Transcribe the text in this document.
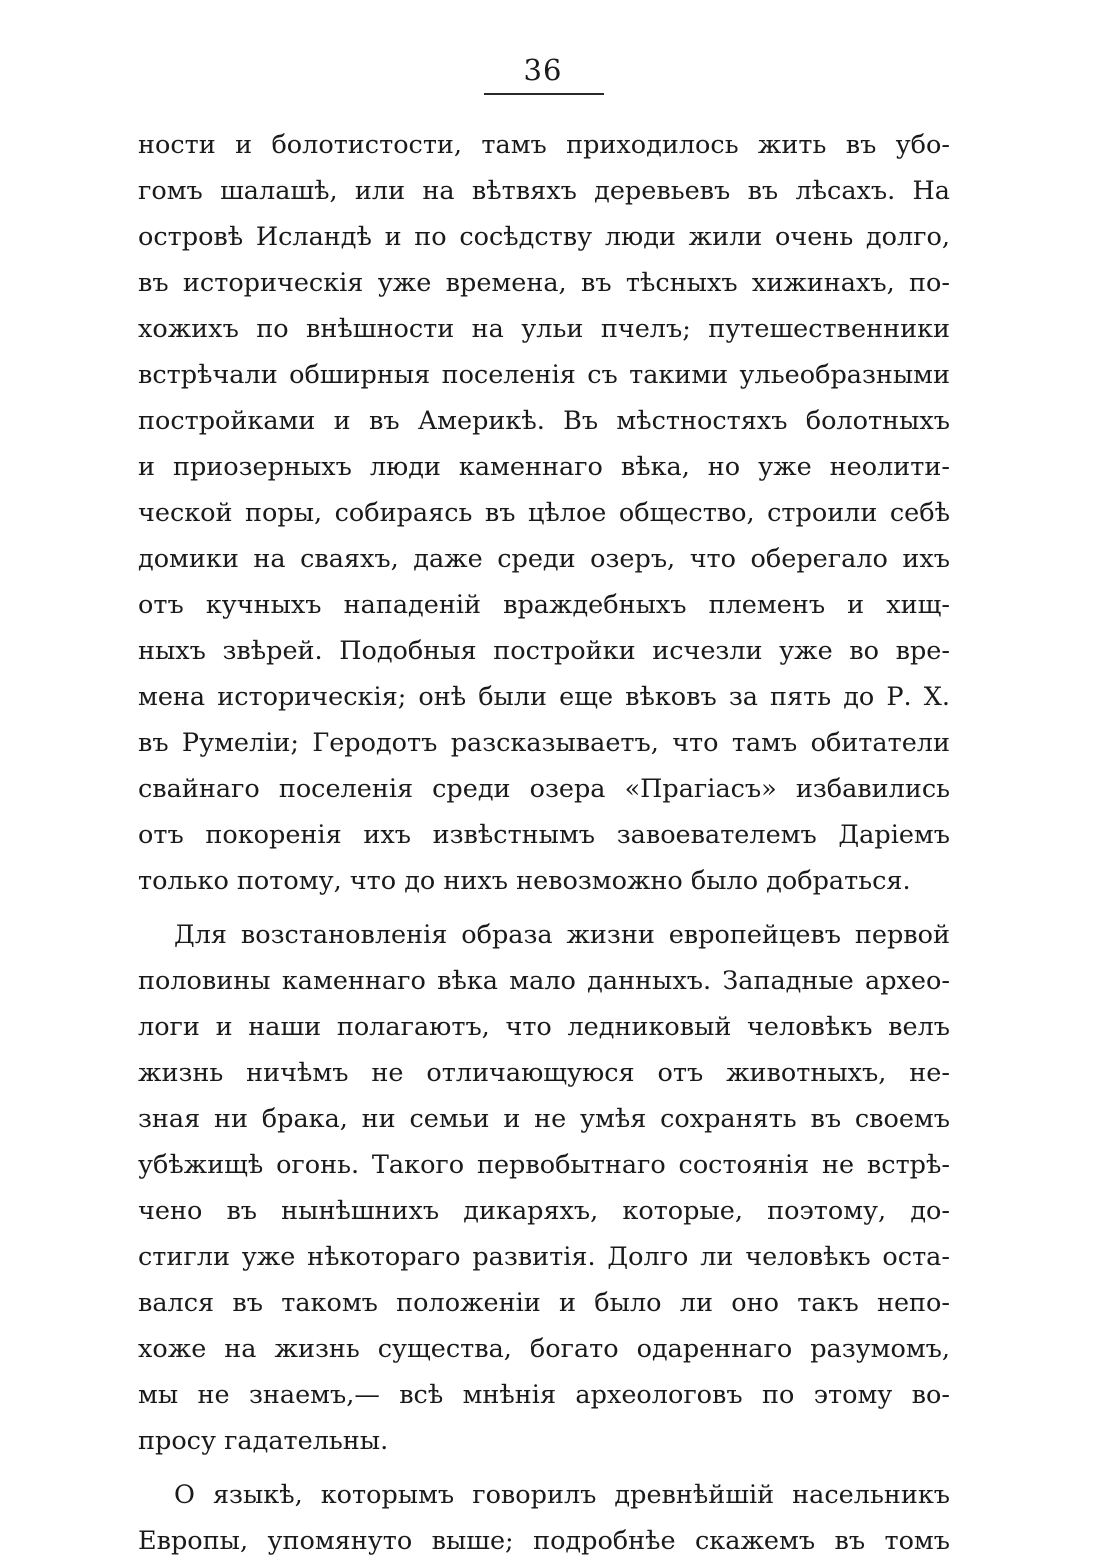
36
ности и болотистости, тамъ приходилось жить въ убо-
гомъ шалашѣ, или на вѣтвяхъ деревьевъ въ лѣсахъ. На
островѣ Исландѣ и по сосѣдству люди жили очень долго,
въ историческія уже времена, въ тѣсныхъ хижинахъ, по-
хожихъ по внѣшности на ульи пчелъ; путешественники
встрѣчали обширныя поселенія съ такими ульеобразными
постройками и въ Америкѣ. Въ мѣстностяхъ болотныхъ
и приозерныхъ люди каменнаго вѣка, но уже неолити-
ческой поры, собираясь въ цѣлое общество, строили себѣ
домики на сваяхъ, даже среди озеръ, что оберегало ихъ
отъ кучныхъ нападеній враждебныхъ племенъ и хищ-
ныхъ звѣрей. Подобныя постройки исчезли уже во вре-
мена историческія; онѣ были еще вѣковъ за пять до Р. Х.
въ Румеліи; Геродотъ разсказываетъ, что тамъ обитатели
свайнаго поселенія среди озера «Прагіасъ» избавились
отъ покоренія ихъ извѣстнымъ завоевателемъ Даріемъ
только потому, что до нихъ невозможно было добраться.
Для возстановленія образа жизни европейцевъ первой
половины каменнаго вѣка мало данныхъ. Западные археo-
логи и наши полагаютъ, что ледниковый человѣкъ велъ
жизнь ничѣмъ не отличающуюся отъ животныхъ, не-
зная ни брака, ни семьи и не умѣя сохранять въ своемъ
убѣжищѣ огонь. Такого первобытнаго состоянія не встрѣ-
чено въ нынѣшнихъ дикаряхъ, которые, поэтому, до-
стигли уже нѣкотораго развитія. Долго ли человѣкъ оста-
вался въ такомъ положеніи и было ли оно такъ непо-
хоже на жизнь существа, богато одареннаго разумомъ,
мы не знаемъ,— всѣ мнѣнія археологовъ по этому во-
просу гадательны.
О языкѣ, которымъ говорилъ древнѣйшій насельникъ
Европы, упомянуто выше; подробнѣе скажемъ въ томъ
